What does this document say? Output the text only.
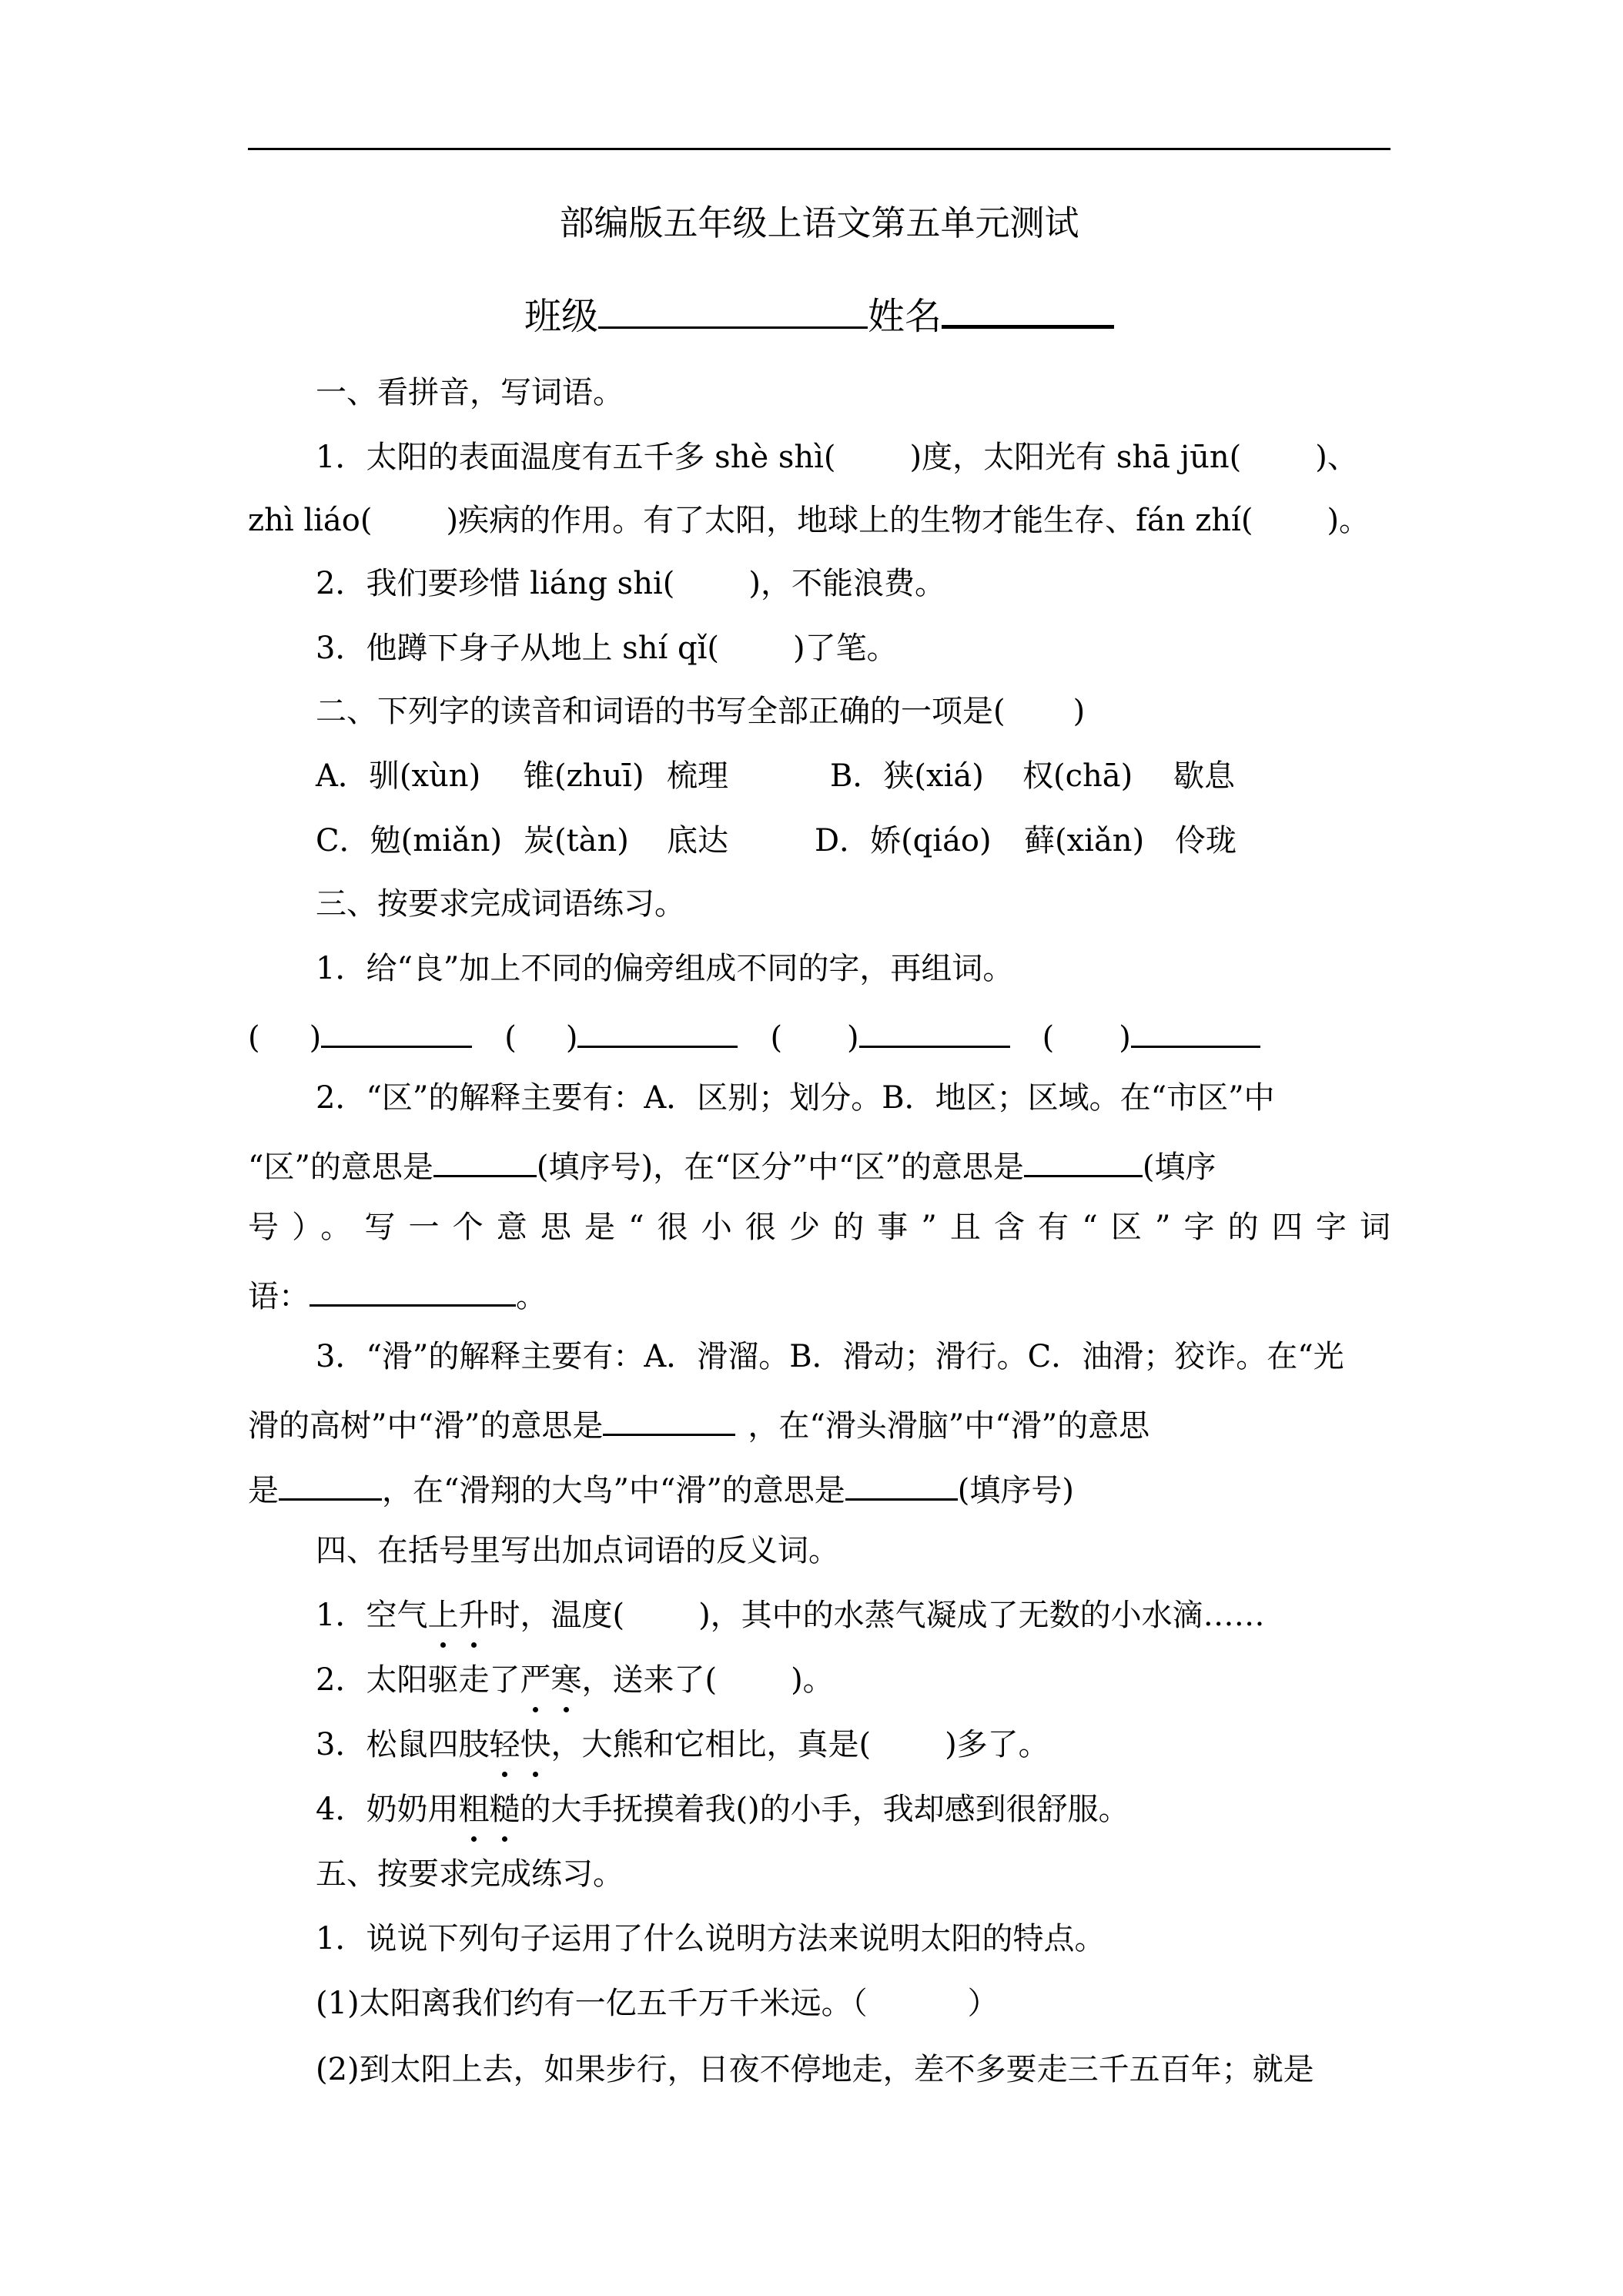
部编版五年级上语文第五单元测试
班级	姓名
一、看拼音，写词语。
1．太阳的表面温度有五千多 shè shì( )度，太阳光有 shā jūn( )、
zhì liáo( )疾病的作用。有了太阳，地球上的生物才能生存、fán zhí( )。
2．我们要珍惜 liáng shi( )，不能浪费。
3．他蹲下身子从地上 shí qǐ( )了笔。
二、下列字的读音和词语的书写全部正确的一项是( )
A．驯(xùn) 锥(zhuī) 梳理	B．狭(xiá) 权(chā) 歇息
C．勉(miǎn) 炭(tàn) 底达	D．娇(qiáo) 藓(xiǎn) 伶珑
三、按要求完成词语练习。
1．给“良”加上不同的偏旁组成不同的字，再组词。
( )	( )	( )	( )
2．“区”的解释主要有：A．区别；划分。B．地区；区域。在“市区”中
“区”的意思是	(填序号)，在“区分”中“区”的意思是	(填序
号）。写一个意思是“很小很少的事”且含有“区”字的四字词
语：	。
3．“滑”的解释主要有：A．滑溜。B．滑动；滑行。C．油滑；狡诈。在“光
滑的高树”中“滑”的意思是	，在“滑头滑脑”中“滑”的意思
是	，在“滑翔的大鸟”中“滑”的意思是	(填序号)
四、在括号里写出加点词语的反义词。
1．空气上升时，温度( )，其中的水蒸气凝成了无数的小水滴……
2．太阳驱走了严寒，送来了( )。
3．松鼠四肢轻快，大熊和它相比，真是( )多了。
4．奶奶用粗糙的大手抚摸着我()的小手，我却感到很舒服。
五、按要求完成练习。
1．说说下列句子运用了什么说明方法来说明太阳的特点。
(1)太阳离我们约有一亿五千万千米远。（	）
(2)到太阳上去，如果步行，日夜不停地走，差不多要走三千五百年；就是
